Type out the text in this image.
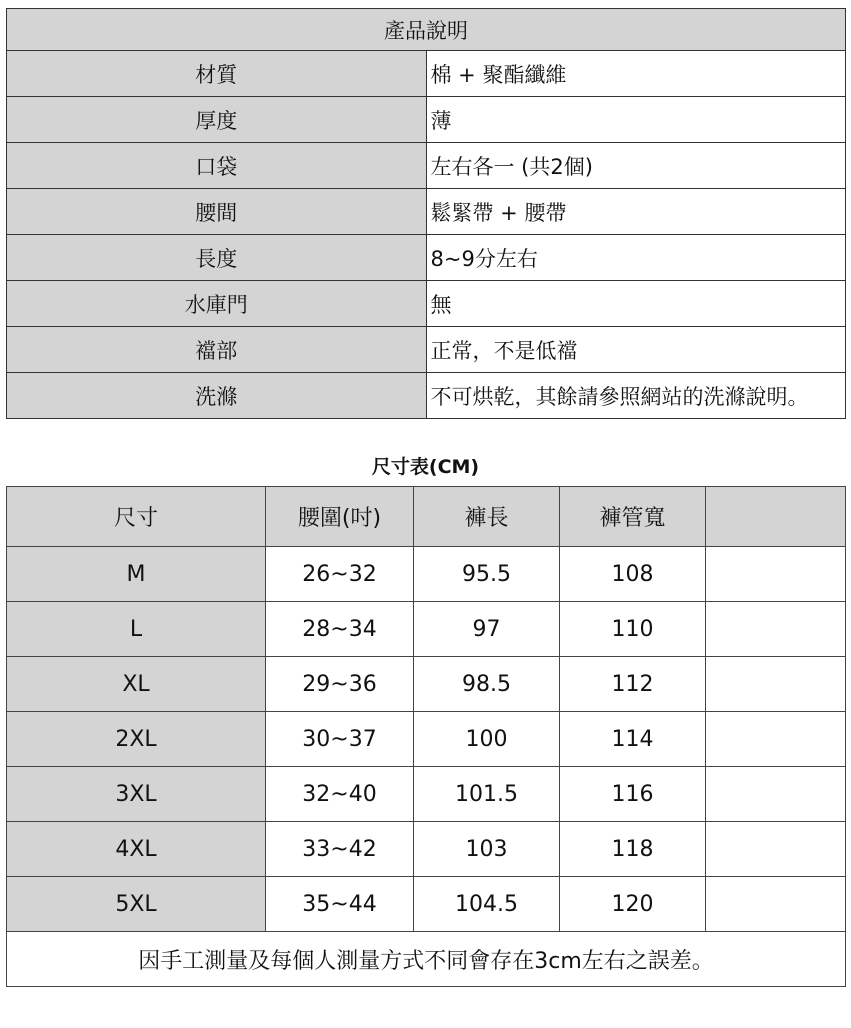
產品說明	
材質	棉 + 聚酯纖維
厚度	薄
口袋	左右各一 (共2個)
腰間	鬆緊帶 + 腰帶
長度	8~9分左右
水庫門	無
襠部	正常，不是低襠
洗滌	不可烘乾，其餘請參照網站的洗滌說明。
尺寸表(CM)
尺寸	腰圍(吋)	褲長	褲管寬	
M	26~32	95.5	108	
L	28~34	97	110	
XL	29~36	98.5	112	
2XL	30~37	100	114	
3XL	32~40	101.5	116	
4XL	33~42	103	118	
5XL	35~44	104.5	120	
因手工測量及每個人測量方式不同會存在3cm左右之誤差。				
